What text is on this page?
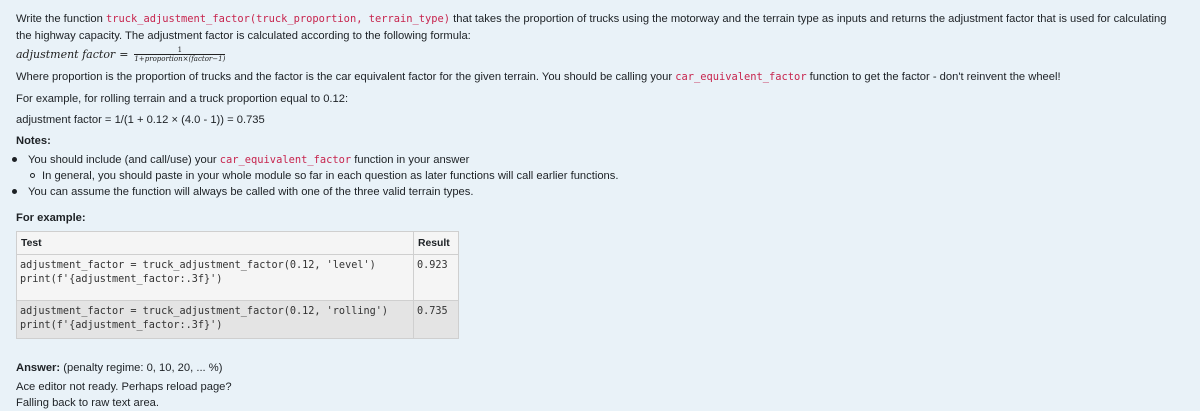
Write the function truck_adjustment_factor(truck_proportion, terrain_type) that takes the proportion of trucks using the motorway and the terrain type as inputs and returns the adjustment factor that is used for calculating the highway capacity. The adjustment factor is calculated according to the following formula:

adjustment factor = $\frac{1}{\text{1+proportion×(factor−1)}}$

Where proportion is the proportion of trucks and the factor is the car equivalent factor for the given terrain. You should be calling your car_equivalent_factor function to get the factor - don't reinvent the wheel!

For example, for rolling terrain and a truck proportion equal to 0.12:

adjustment factor = 1/(1 + 0.12 × (4.0 - 1)) = 0.735

Notes:

You should include (and call/use) your car_equivalent_factor function in your answer
In general, you should paste in your whole module so far in each question as later functions will call earlier functions.
You can assume the function will always be called with one of the three valid terrain types.

For example:

Test	Result
adjustment_factor = truck_adjustment_factor(0.12, 'level')
print(f'{adjustment_factor:.3f}')	0.923
adjustment_factor = truck_adjustment_factor(0.12, 'rolling')
print(f'{adjustment_factor:.3f}')	0.735

Answer: (penalty regime: 0, 10, 20, ... %)

Ace editor not ready. Perhaps reload page?

Falling back to raw text area.
